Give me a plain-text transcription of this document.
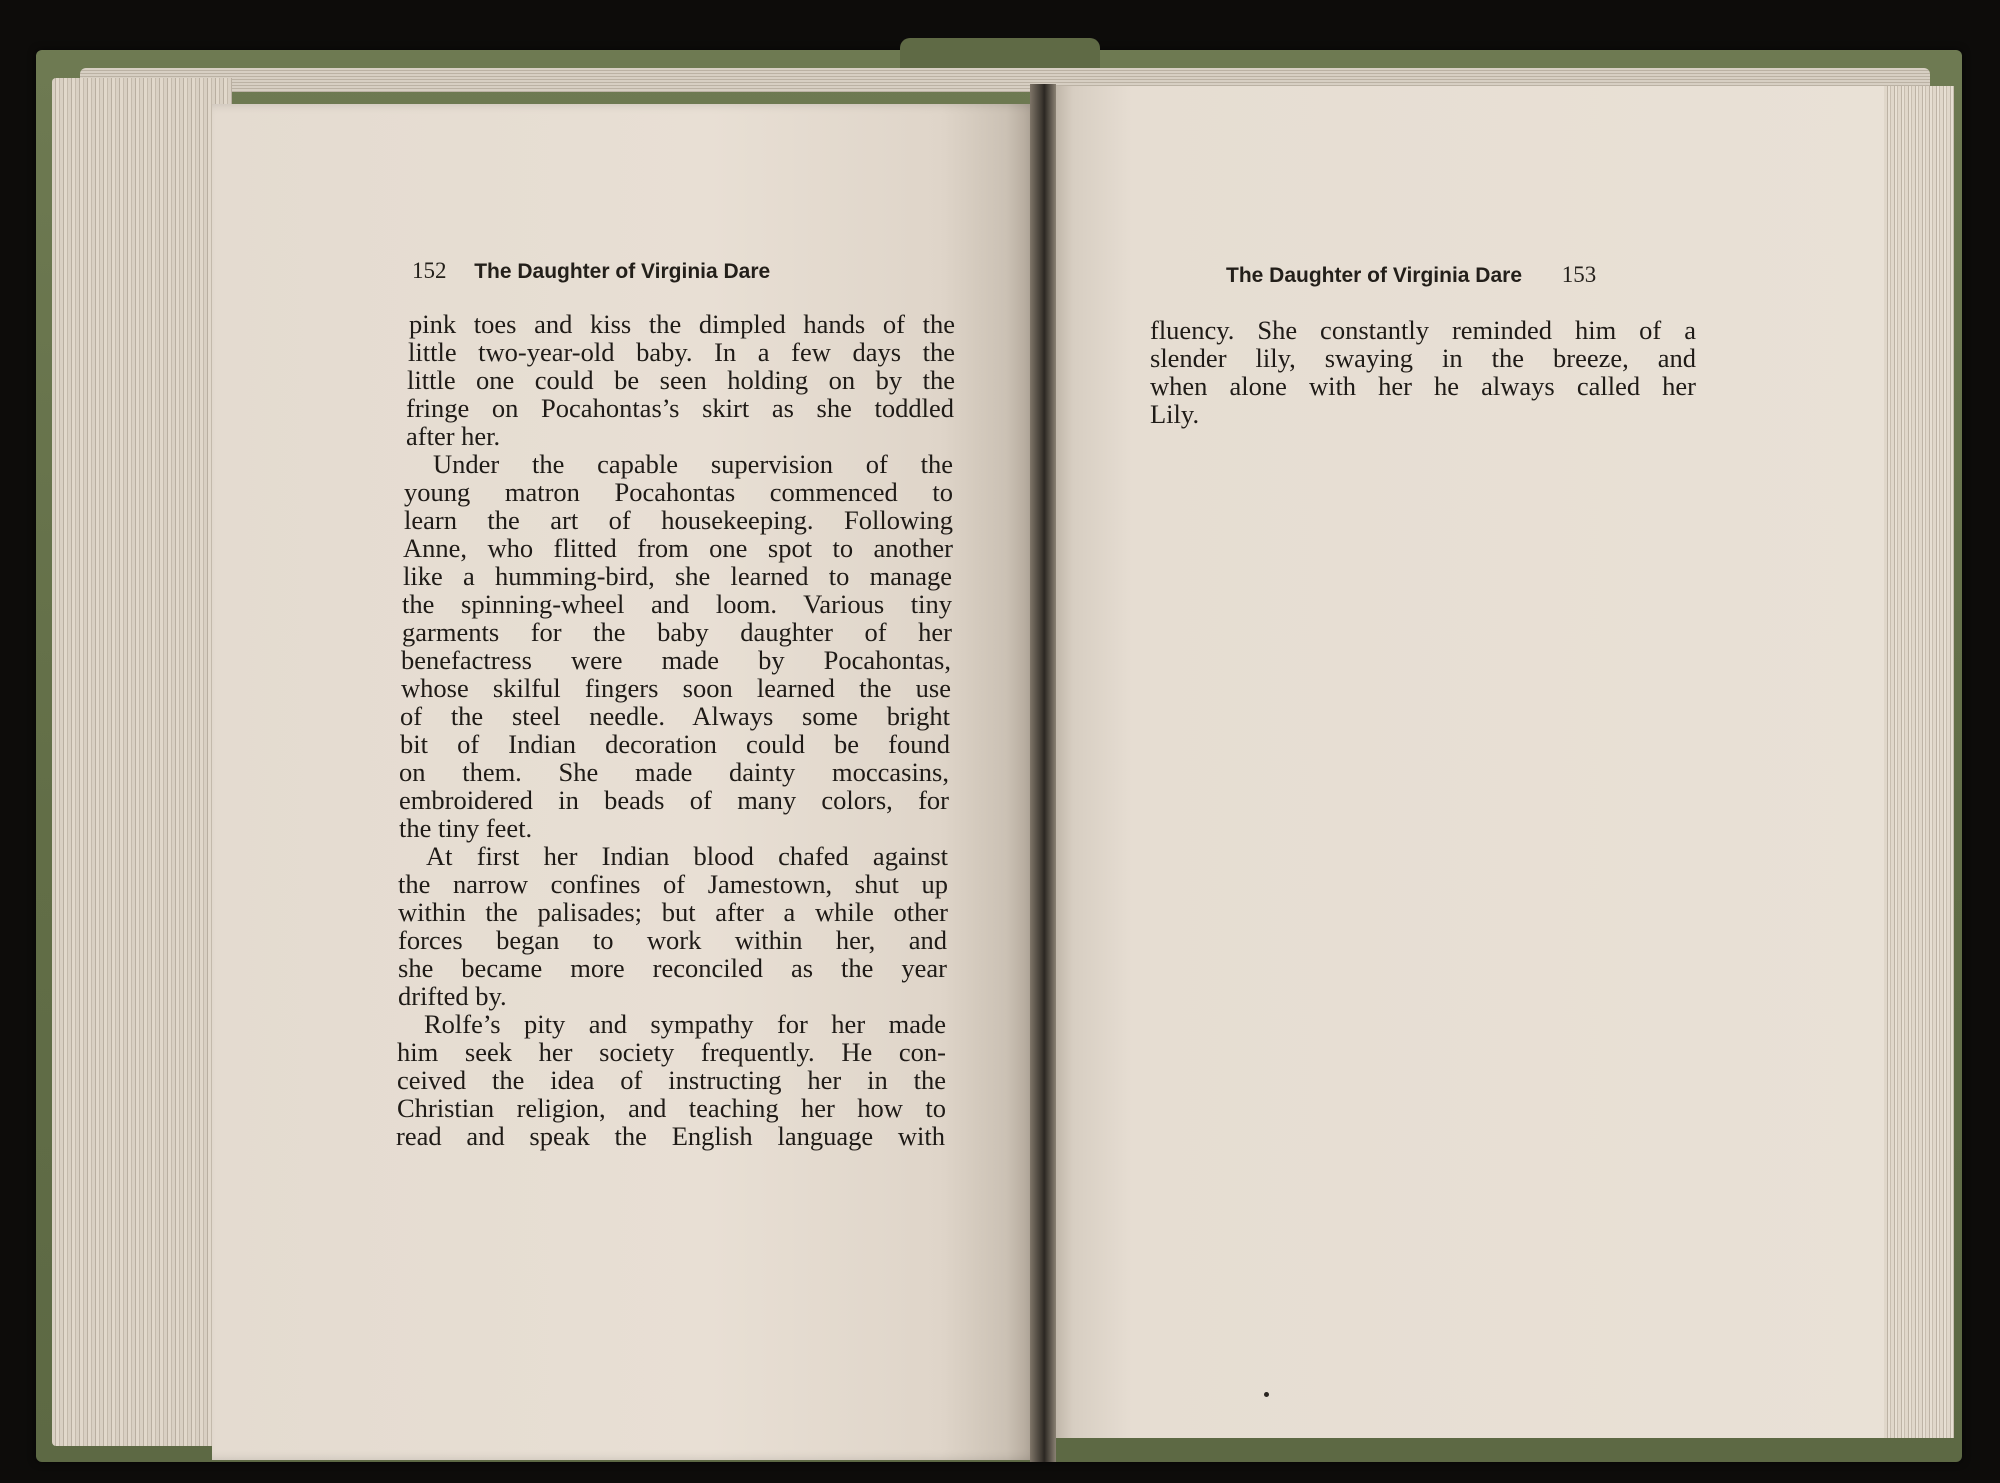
152 The Daughter of Virginia Dare

pink toes and kiss the dimpled hands of the

little two-year-old baby. In a few days the

little one could be seen holding on by the

fringe on Pocahontas’s skirt as she toddled

after her.

Under the capable supervision of the

young matron Pocahontas commenced to

learn the art of housekeeping. Following

Anne, who flitted from one spot to another

like a humming-bird, she learned to manage

the spinning-wheel and loom. Various tiny

garments for the baby daughter of her

benefactress were made by Pocahontas,

whose skilful fingers soon learned the use

of the steel needle. Always some bright

bit of Indian decoration could be found

on them. She made dainty moccasins,

embroidered in beads of many colors, for

the tiny feet.

At first her Indian blood chafed against

the narrow confines of Jamestown, shut up

within the palisades; but after a while other

forces began to work within her, and

she became more reconciled as the year

drifted by.

Rolfe’s pity and sympathy for her made

him seek her society frequently. He con-

ceived the idea of instructing her in the

Christian religion, and teaching her how to

read and speak the English language with

The Daughter of Virginia Dare 153

fluency. She constantly reminded him of a

slender lily, swaying in the breeze, and

when alone with her he always called her

Lily.
